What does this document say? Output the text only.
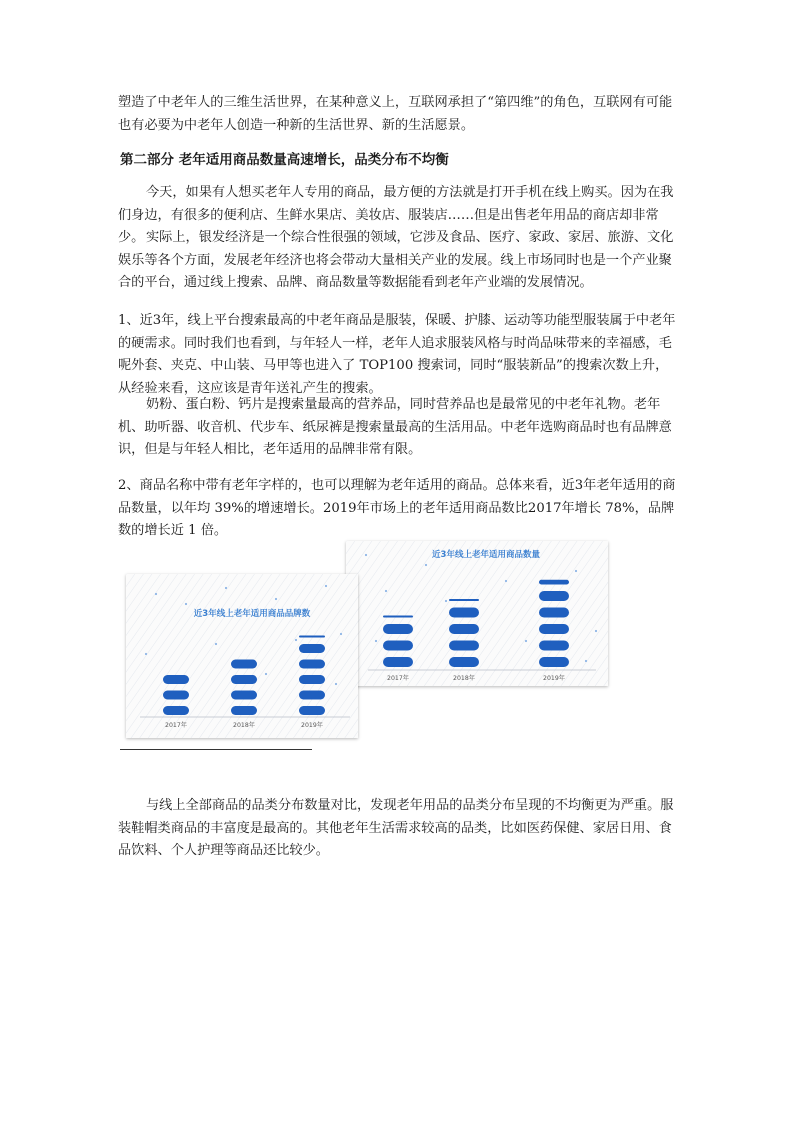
塑造了中老年人的三维生活世界，在某种意义上，互联网承担了“第四维”的角色，互联网有可能也有必要为中老年人创造一种新的生活世界、新的生活愿景。

第二部分 老年适用商品数量高速增长，品类分布不均衡

今天，如果有人想买老年人专用的商品，最方便的方法就是打开手机在线上购买。因为在我们身边，有很多的便利店、生鲜水果店、美妆店、服装店……但是出售老年用品的商店却非常少。 实际上，银发经济是一个综合性很强的领域，它涉及食品、医疗、家政、家居、旅游、文化娱乐等各个方面，发展老年经济也将会带动大量相关产业的发展。线上市场同时也是一个产业聚合的平台，通过线上搜索、品牌、商品数量等数据能看到老年产业端的发展情况。

1、近3年，线上平台搜索最高的中老年商品是服装，保暖、护膝、运动等功能型服装属于中老年的硬需求。同时我们也看到，与年轻人一样，老年人追求服装风格与时尚品味带来的幸福感，毛呢外套、夹克、中山装、马甲等也进入了 TOP100 搜索词，同时“服装新品”的搜索次数上升，从经验来看，这应该是青年送礼产生的搜索。

奶粉、蛋白粉、钙片是搜索量最高的营养品，同时营养品也是最常见的中老年礼物。老年机、助听器、收音机、代步车、纸尿裤是搜索量最高的生活用品。中老年选购商品时也有品牌意识，但是与年轻人相比，老年适用的品牌非常有限。

2、商品名称中带有老年字样的，也可以理解为老年适用的商品。总体来看，近3年老年适用的商品数量，以年均 39%的增速增长。2019年市场上的老年适用商品数比2017年增长 78%，品牌数的增长近 1 倍。

近3年线上老年适用商品数量
2017年	2018年	2019年
近3年线上老年适用商品品牌数
2017年	2018年	2019年

与线上全部商品的品类分布数量对比，发现老年用品的品类分布呈现的不均衡更为严重。服装鞋帽类商品的丰富度是最高的。其他老年生活需求较高的品类，比如医药保健、家居日用、食品饮料、个人护理等商品还比较少。
